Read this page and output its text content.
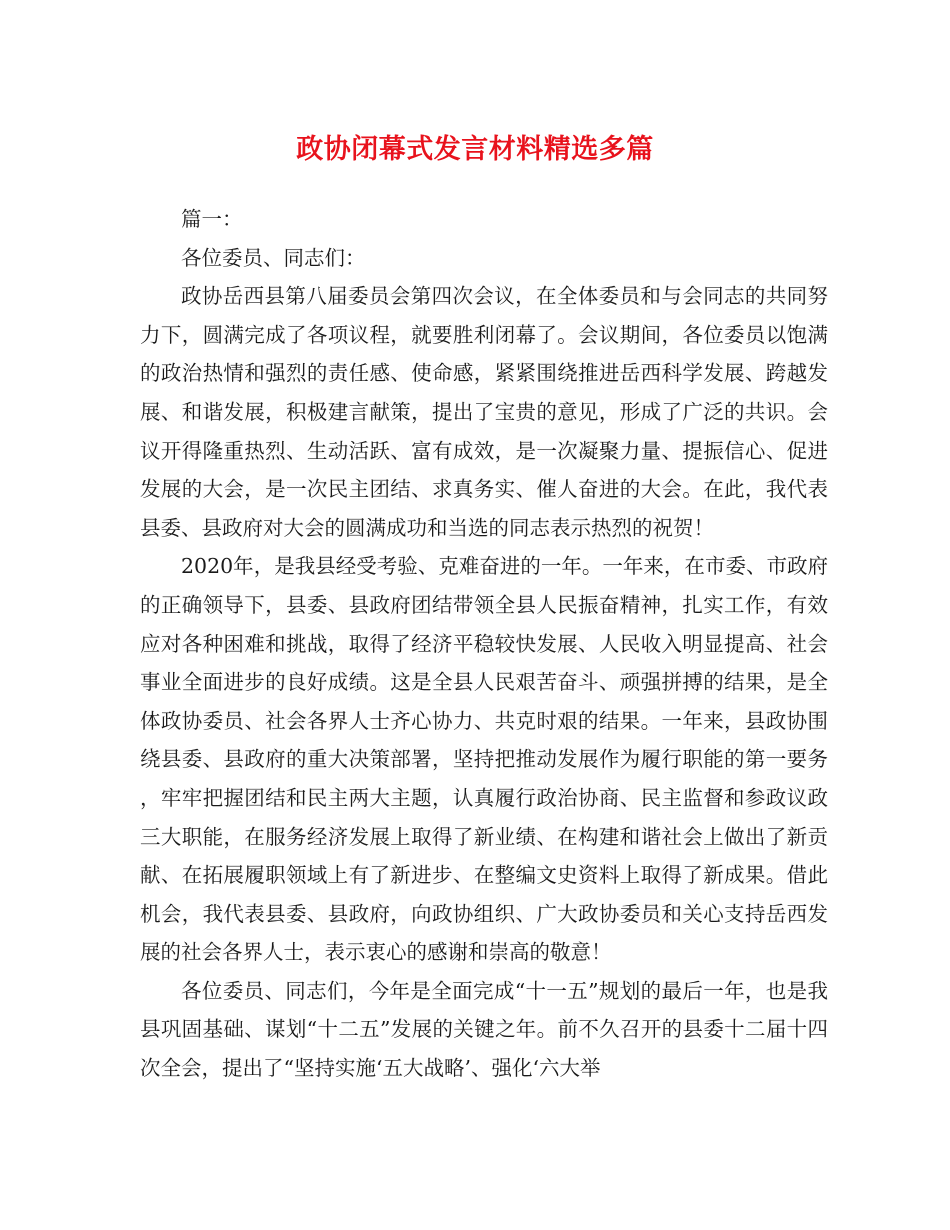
政协闭幕式发言材料精选多篇

篇一：

各位委员、同志们：

政协岳西县第八届委员会第四次会议，在全体委员和与会同志的共同努力下，圆满完成了各项议程，就要胜利闭幕了。会议期间，各位委员以饱满的政治热情和强烈的责任感、使命感，紧紧围绕推进岳西科学发展、跨越发展、和谐发展，积极建言献策，提出了宝贵的意见，形成了广泛的共识。会议开得隆重热烈、生动活跃、富有成效，是一次凝聚力量、提振信心、促进发展的大会，是一次民主团结、求真务实、催人奋进的大会。在此，我代表县委、县政府对大会的圆满成功和当选的同志表示热烈的祝贺！

2020年，是我县经受考验、克难奋进的一年。一年来，在市委、市政府的正确领导下，县委、县政府团结带领全县人民振奋精神，扎实工作，有效应对各种困难和挑战，取得了经济平稳较快发展、人民收入明显提高、社会事业全面进步的良好成绩。这是全县人民艰苦奋斗、顽强拼搏的结果，是全体政协委员、社会各界人士齐心协力、共克时艰的结果。一年来，县政协围绕县委、县政府的重大决策部署，坚持把推动发展作为履行职能的第一要务，牢牢把握团结和民主两大主题，认真履行政治协商、民主监督和参政议政三大职能，在服务经济发展上取得了新业绩、在构建和谐社会上做出了新贡献、在拓展履职领域上有了新进步、在整编文史资料上取得了新成果。借此机会，我代表县委、县政府，向政协组织、广大政协委员和关心支持岳西发展的社会各界人士，表示衷心的感谢和崇高的敬意！

各位委员、同志们，今年是全面完成“十一五”规划的最后一年，也是我县巩固基础、谋划“十二五”发展的关键之年。前不久召开的县委十二届十四次全会，提出了“坚持实施‘五大战略’、强化‘六大举
